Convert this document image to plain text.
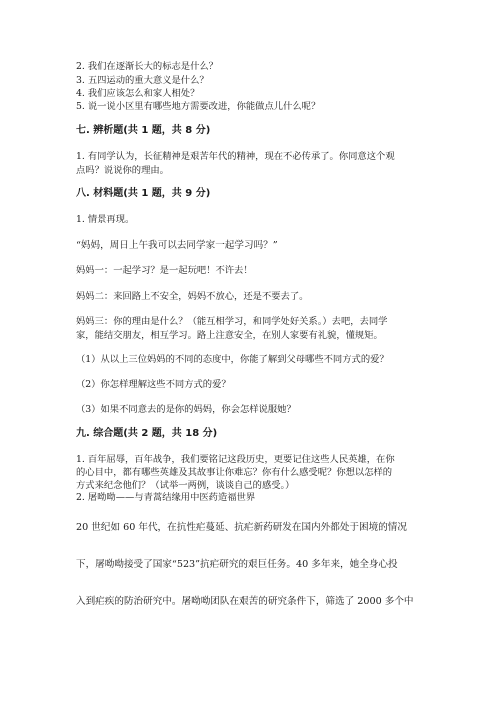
2. 我们在逐渐长大的标志是什么？

3. 五四运动的重大意义是什么？

4. 我们应该怎么和家人相处？

5. 说一说小区里有哪些地方需要改进，你能做点儿什么呢？

七. 辨析题(共 1 题，共 8 分)

1. 有同学认为，长征精神是艰苦年代的精神，现在不必传承了。你同意这个观

点吗？说说你的理由。

八. 材料题(共 1 题，共 9 分)

1. 情景再现。

“妈妈，周日上午我可以去同学家一起学习吗？”

妈妈一：一起学习？是一起玩吧！不许去！

妈妈二：来回路上不安全，妈妈不放心，还是不要去了。

妈妈三：你的理由是什么？（能互相学习，和同学处好关系。）去吧，去同学

家，能结交朋友，相互学习。路上注意安全，在别人家要有礼貌，懂规矩。

（1）从以上三位妈妈的不同的态度中，你能了解到父母哪些不同方式的爱？

（2）你怎样理解这些不同方式的爱？

（3）如果不同意去的是你的妈妈，你会怎样说服她？

九. 综合题(共 2 题，共 18 分)

1. 百年屈辱，百年战争，我们要铭记这段历史，更要记住这些人民英雄，在你

的心目中，都有哪些英雄及其故事让你难忘？你有什么感受呢？你想以怎样的

方式来纪念他们？（试举一两例，谈谈自己的感受。）

2. 屠呦呦——与青蒿结缘用中医药造福世界

20 世纪如 60 年代，在抗性疟蔓延、抗疟新药研发在国内外都处于困境的情况

下，屠呦呦接受了国家“523”抗疟研究的艰巨任务。40 多年来，她全身心投

入到疟疾的防治研究中。屠呦呦团队在艰苦的研究条件下，筛选了 2000 多个中
